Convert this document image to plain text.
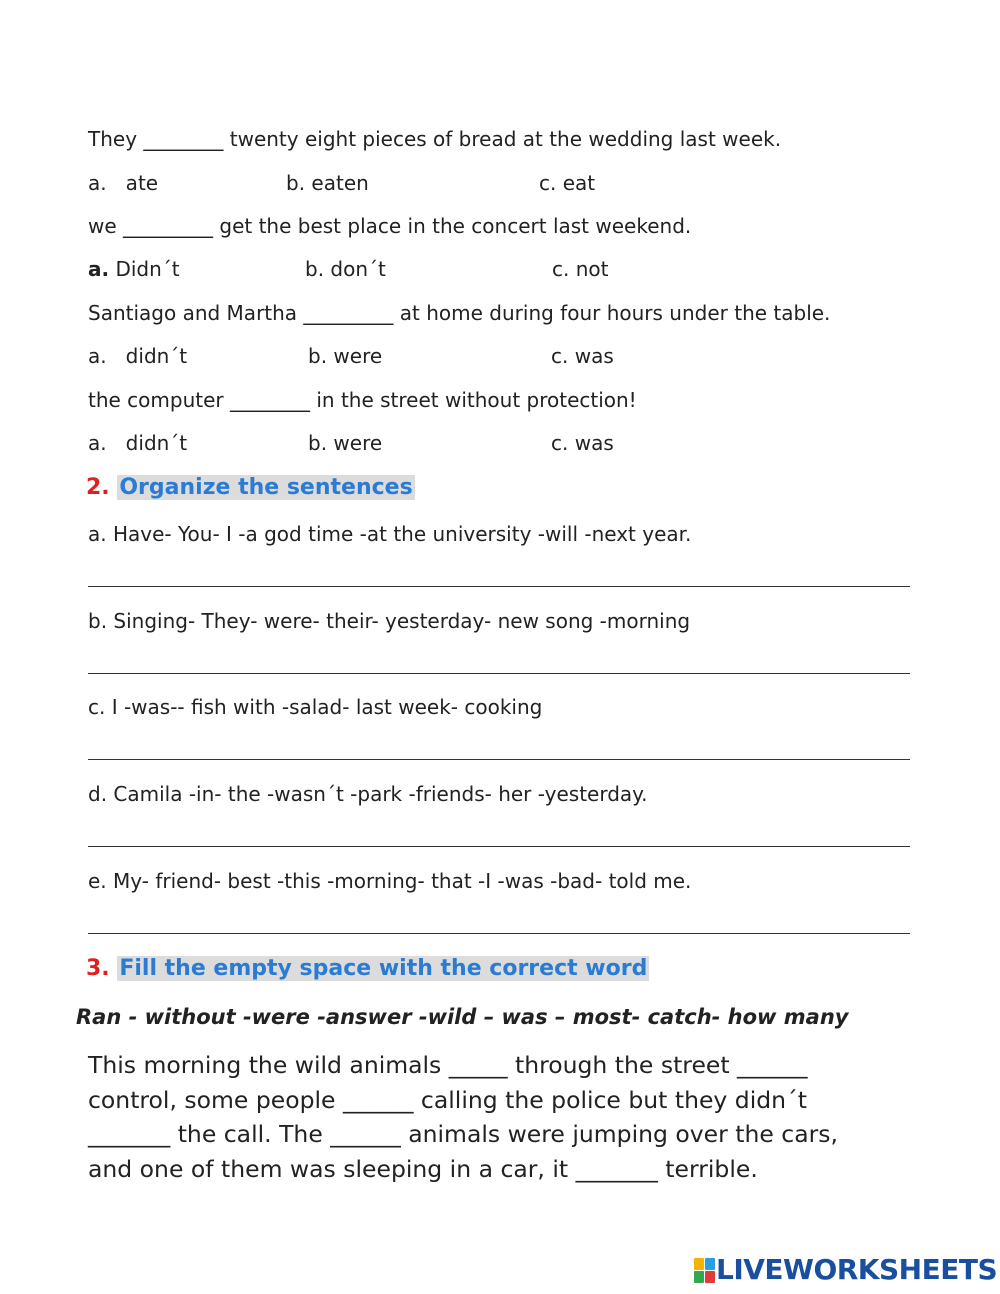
They ________ twenty eight pieces of bread at the wedding last week.
a.   ate	b. eaten	c. eat
we _________ get the best place in the concert last weekend.
a. Didn´t	b. don´t	c. not
Santiago and Martha _________ at home during four hours under the table.
a.   didn´t	b. were	c. was
the computer ________ in the street without protection!
a.   didn´t	b. were	c. was
2. Organize the sentences
a. Have- You- I -a god time -at the university -will -next year.
b. Singing- They- were- their- yesterday- new song -morning
c. I -was-- fish with -salad- last week- cooking
d. Camila -in- the -wasn´t -park -friends- her -yesterday.
e. My- friend- best -this -morning- that -I -was -bad- told me.
3. Fill the empty space with the correct word
Ran - without -were -answer -wild – was – most- catch- how many
This morning the wild animals _____ through the street ______
control, some people ______ calling the police but they didn´t
_______ the call. The ______ animals were jumping over the cars,
and one of them was sleeping in a car, it _______ terrible.
LIVEWORKSHEETS
